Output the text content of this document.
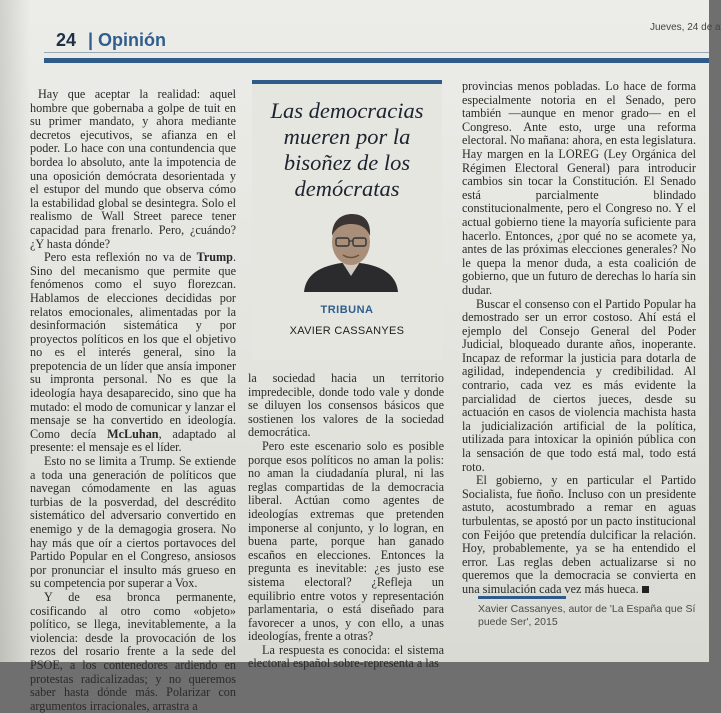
24 | Opinión
Jueves, 24 de a

Hay que aceptar la realidad: aquel hombre que gobernaba a golpe de tuit en su primer mandato, y ahora mediante decretos ejecutivos, se afianza en el poder. Lo hace con una contundencia que bordea lo absoluto, ante la impotencia de una oposición demócrata desorientada y el estupor del mundo que observa cómo la estabilidad global se desintegra. Solo el realismo de Wall Street parece tener capacidad para frenarlo. Pero, ¿cuándo? ¿Y hasta dónde?

Pero esta reflexión no va de Trump. Sino del mecanismo que permite que fenómenos como el suyo florezcan. Hablamos de elecciones decididas por relatos emocionales, alimentadas por la desinformación sistemática y por proyectos políticos en los que el objetivo no es el interés general, sino la prepotencia de un líder que ansía imponer su impronta personal. No es que la ideología haya desaparecido, sino que ha mutado: el modo de comunicar y lanzar el mensaje se ha convertido en ideología. Como decía McLuhan, adaptado al presente: el mensaje es el líder.

Esto no se limita a Trump. Se extiende a toda una generación de políticos que navegan cómodamente en las aguas turbias de la posverdad, del descrédito sistemático del adversario convertido en enemigo y de la demagogia grosera. No hay más que oír a ciertos portavoces del Partido Popular en el Congreso, ansiosos por pronunciar el insulto más grueso en su competencia por superar a Vox.

Y de esa bronca permanente, cosificando al otro como «objeto» político, se llega, inevitablemente, a la violencia: desde la provocación de los rezos del rosario frente a la sede del PSOE, a los contenedores ardiendo en protestas radicalizadas; y no queremos saber hasta dónde más. Polarizar con argumentos irracionales, arrastra a

Las democracias mueren por la bisoñez de los demócratas
TRIBUNA
XAVIER CASSANYES

la sociedad hacia un territorio impredecible, donde todo vale y donde se diluyen los consensos básicos que sostienen los valores de la sociedad democrática.

Pero este escenario solo es posible porque esos políticos no aman la polis: no aman la ciudadanía plural, ni las reglas compartidas de la democracia liberal. Actúan como agentes de ideologías extremas que pretenden imponerse al conjunto, y lo logran, en buena parte, porque han ganado escaños en elecciones. Entonces la pregunta es inevitable: ¿es justo ese sistema electoral? ¿Refleja un equilibrio entre votos y representación parlamentaria, o está diseñado para favorecer a unos, y con ello, a unas ideologías, frente a otras?

La respuesta es conocida: el sistema electoral español sobre-representa a las

provincias menos pobladas. Lo hace de forma especialmente notoria en el Senado, pero también —aunque en menor grado— en el Congreso. Ante esto, urge una reforma electoral. No mañana: ahora, en esta legislatura. Hay margen en la LOREG (Ley Orgánica del Régimen Electoral General) para introducir cambios sin tocar la Constitución. El Senado está parcialmente blindado constitucionalmente, pero el Congreso no. Y el actual gobierno tiene la mayoría suficiente para hacerlo. Entonces, ¿por qué no se acomete ya, antes de las próximas elecciones generales? No le quepa la menor duda, a esta coalición de gobierno, que un futuro de derechas lo haría sin dudar.

Buscar el consenso con el Partido Popular ha demostrado ser un error costoso. Ahí está el ejemplo del Consejo General del Poder Judicial, bloqueado durante años, inoperante. Incapaz de reformar la justicia para dotarla de agilidad, independencia y credibilidad. Al contrario, cada vez es más evidente la parcialidad de ciertos jueces, desde su actuación en casos de violencia machista hasta la judicialización artificial de la política, utilizada para intoxicar la opinión pública con la sensación de que todo está mal, todo está roto.

El gobierno, y en particular el Partido Socialista, fue ñoño. Incluso con un presidente astuto, acostumbrado a remar en aguas turbulentas, se apostó por un pacto institucional con Feijóo que pretendía dulcificar la relación. Hoy, probablemente, ya se ha entendido el error. Las reglas deben actualizarse si no queremos que la democracia se convierta en una simulación cada vez más hueca.

Xavier Cassanyes, autor de 'La España que Sí puede Ser', 2015
